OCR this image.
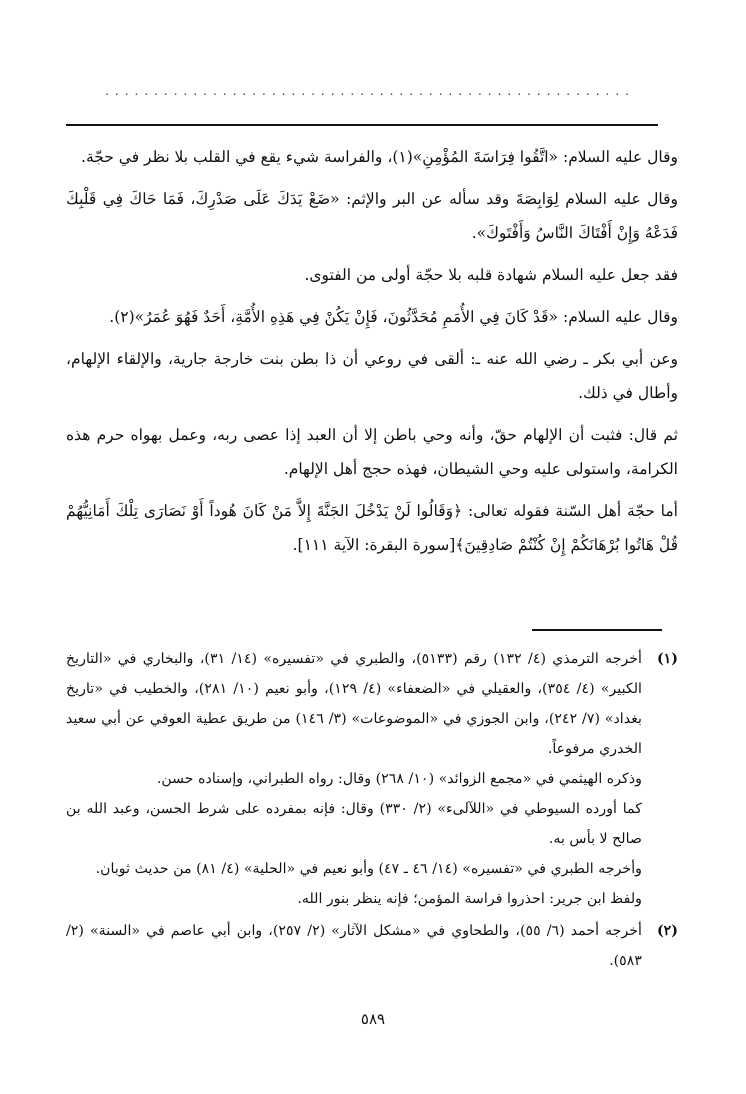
......................................................

وقال عليه السلام: «اتَّقُوا فِرَاسَةَ المُؤْمِنِ»(١)، والفراسة شيء يقع في القلب بلا نظر في حجّة.

وقال عليه السلام لِوَابِصَةَ وقد سأله عن البر والإثم: «ضَعْ يَدَكَ عَلَى صَدْرِكَ، فَمَا حَاكَ فِي قَلْبِكَ فَدَعْهُ وَإِنْ أَفْتَاكَ النَّاسُ وَأَفْتَوكَ».

فقد جعل عليه السلام شهادة قلبه بلا حجّة أولى من الفتوى.

وقال عليه السلام: «قَدْ كَانَ فِي الأُمَمِ مُحَدَّثُونَ، فَإِنْ يَكُنْ فِي هَذِهِ الأُمَّةِ، أَحَدٌ فَهُوَ عُمَرُ»(٢).

وعن أبي بكر ـ رضي الله عنه ـ: ألقى في روعي أن ذا بطن بنت خارجة جارية، والإلقاء الإلهام، وأطال في ذلك.

ثم قال: فثبت أن الإلهام حقّ، وأنه وحي باطن إلا أن العبد إذا عصى ربه، وعمل بهواه حرم هذه الكرامة، واستولى عليه وحي الشيطان، فهذه حجج أهل الإلهام.

أما حجّة أهل السّنة فقوله تعالى: ﴿وَقَالُوا لَنْ يَدْخُلَ الجَنَّةَ إِلاَّ مَنْ كَانَ هُوداً أَوْ نَصَارَى تِلْكَ أَمَانِيُّهُمْ قُلْ هَاتُوا بُرْهَانَكُمْ إِنْ كُنْتُمْ صَادِقِينَ﴾[سورة البقرة: الآية ١١١].

(١)
أخرجه الترمذي (٤/ ١٣٢) رقم (٥١٣٣)، والطبري في «تفسيره» (١٤/ ٣١)، والبخاري في «التاريخ الكبير» (٤/ ٣٥٤)، والعقيلي في «الضعفاء» (٤/ ١٢٩)، وأبو نعيم (١٠/ ٢٨١)، والخطيب في «تاريخ بغداد» (٧/ ٢٤٢)، وابن الجوزي في «الموضوعات» (٣/ ١٤٦) من طريق عطية العوفي عن أبي سعيد الخدري مرفوعاً.
وذكره الهيثمي في «مجمع الزوائد» (١٠/ ٢٦٨) وقال: رواه الطبراني، وإسناده حسن.
كما أورده السيوطي في «اللآلىء» (٢/ ٣٣٠) وقال: فإنه بمفرده على شرط الحسن، وعبد الله بن صالح لا بأس به.
وأخرجه الطبري في «تفسيره» (١٤/ ٤٦ ـ ٤٧) وأبو نعيم في «الحلية» (٤/ ٨١) من حديث ثوبان.
ولفظ ابن جرير: احذروا فراسة المؤمن؛ فإنه ينظر بنور الله.
(٢)
أخرجه أحمد (٦/ ٥٥)، والطحاوي في «مشكل الآثار» (٢/ ٢٥٧)، وابن أبي عاصم في «السنة» (٢/ ٥٨٣).
٥٨٩
